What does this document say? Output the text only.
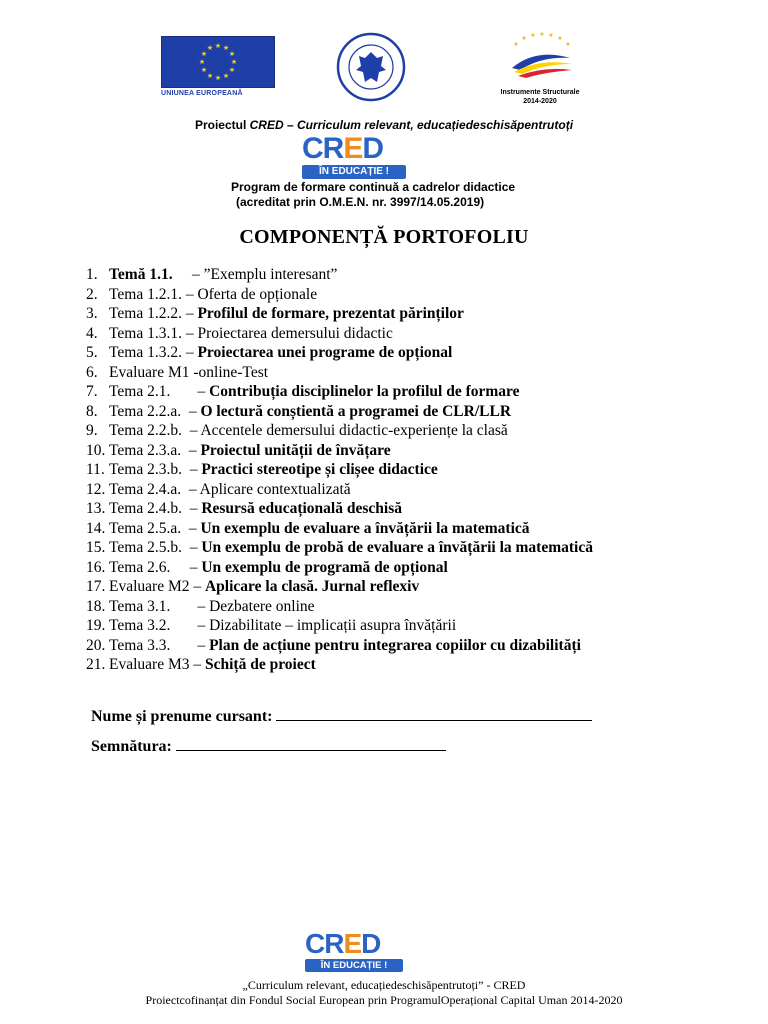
★ ★
★
★
★
★
★
★
★
★
★
★
UNIUNEA EUROPEANĂ
★
★ ★ ★ ★ ★
★
Instrumente Structurale
2014-2020
Proiectul CRED – Curriculum relevant, educațiedeschisăpentrutoți
CRED
ÎN EDUCAȚIE !
Program de formare continuă a cadrelor didactice
(acreditat prin O.M.E.N. nr. 3997/14.05.2019)
COMPONENȚĂ PORTOFOLIU
1. Temă 1.1.     – ”Exemplu interesant”
2. Tema 1.2.1. – Oferta de opționale
3. Tema 1.2.2. – Profilul de formare, prezentat părinților
4. Tema 1.3.1. – Proiectarea demersului didactic
5. Tema 1.3.2. – Proiectarea unei programe de opțional
6. Evaluare M1 -online-Test
7. Tema 2.1.       – Contribuția disciplinelor la profilul de formare
8. Tema 2.2.a.  – O lectură conștientă a programei de CLR/LLR
9. Tema 2.2.b.  – Accentele demersului didactic-experiențe la clasă
10. Tema 2.3.a.  – Proiectul unității de învățare
11. Tema 2.3.b.  – Practici stereotipe și clișee didactice
12. Tema 2.4.a.  – Aplicare contextualizată
13. Tema 2.4.b.  – Resursă educațională deschisă
14. Tema 2.5.a.  – Un exemplu de evaluare a învățării la matematică
15. Tema 2.5.b.  – Un exemplu de probă de evaluare a învățării la matematică
16. Tema 2.6.     – Un exemplu de programă de opțional
17. Evaluare M2 – Aplicare la clasă. Jurnal reflexiv
18. Tema 3.1.       – Dezbatere online
19. Tema 3.2.       – Dizabilitate – implicații asupra învățării
20. Tema 3.3.       – Plan de acțiune pentru integrarea copiilor cu dizabilități
21. Evaluare M3 – Schiță de proiect
Nume și prenume cursant:
Semnătura:
CRED
ÎN EDUCAȚIE !
„Curriculum relevant, educațiedeschisăpentrutoți” - CRED
Proiectcofinanțat din Fondul Social European prin ProgramulOperațional Capital Uman 2014-2020
